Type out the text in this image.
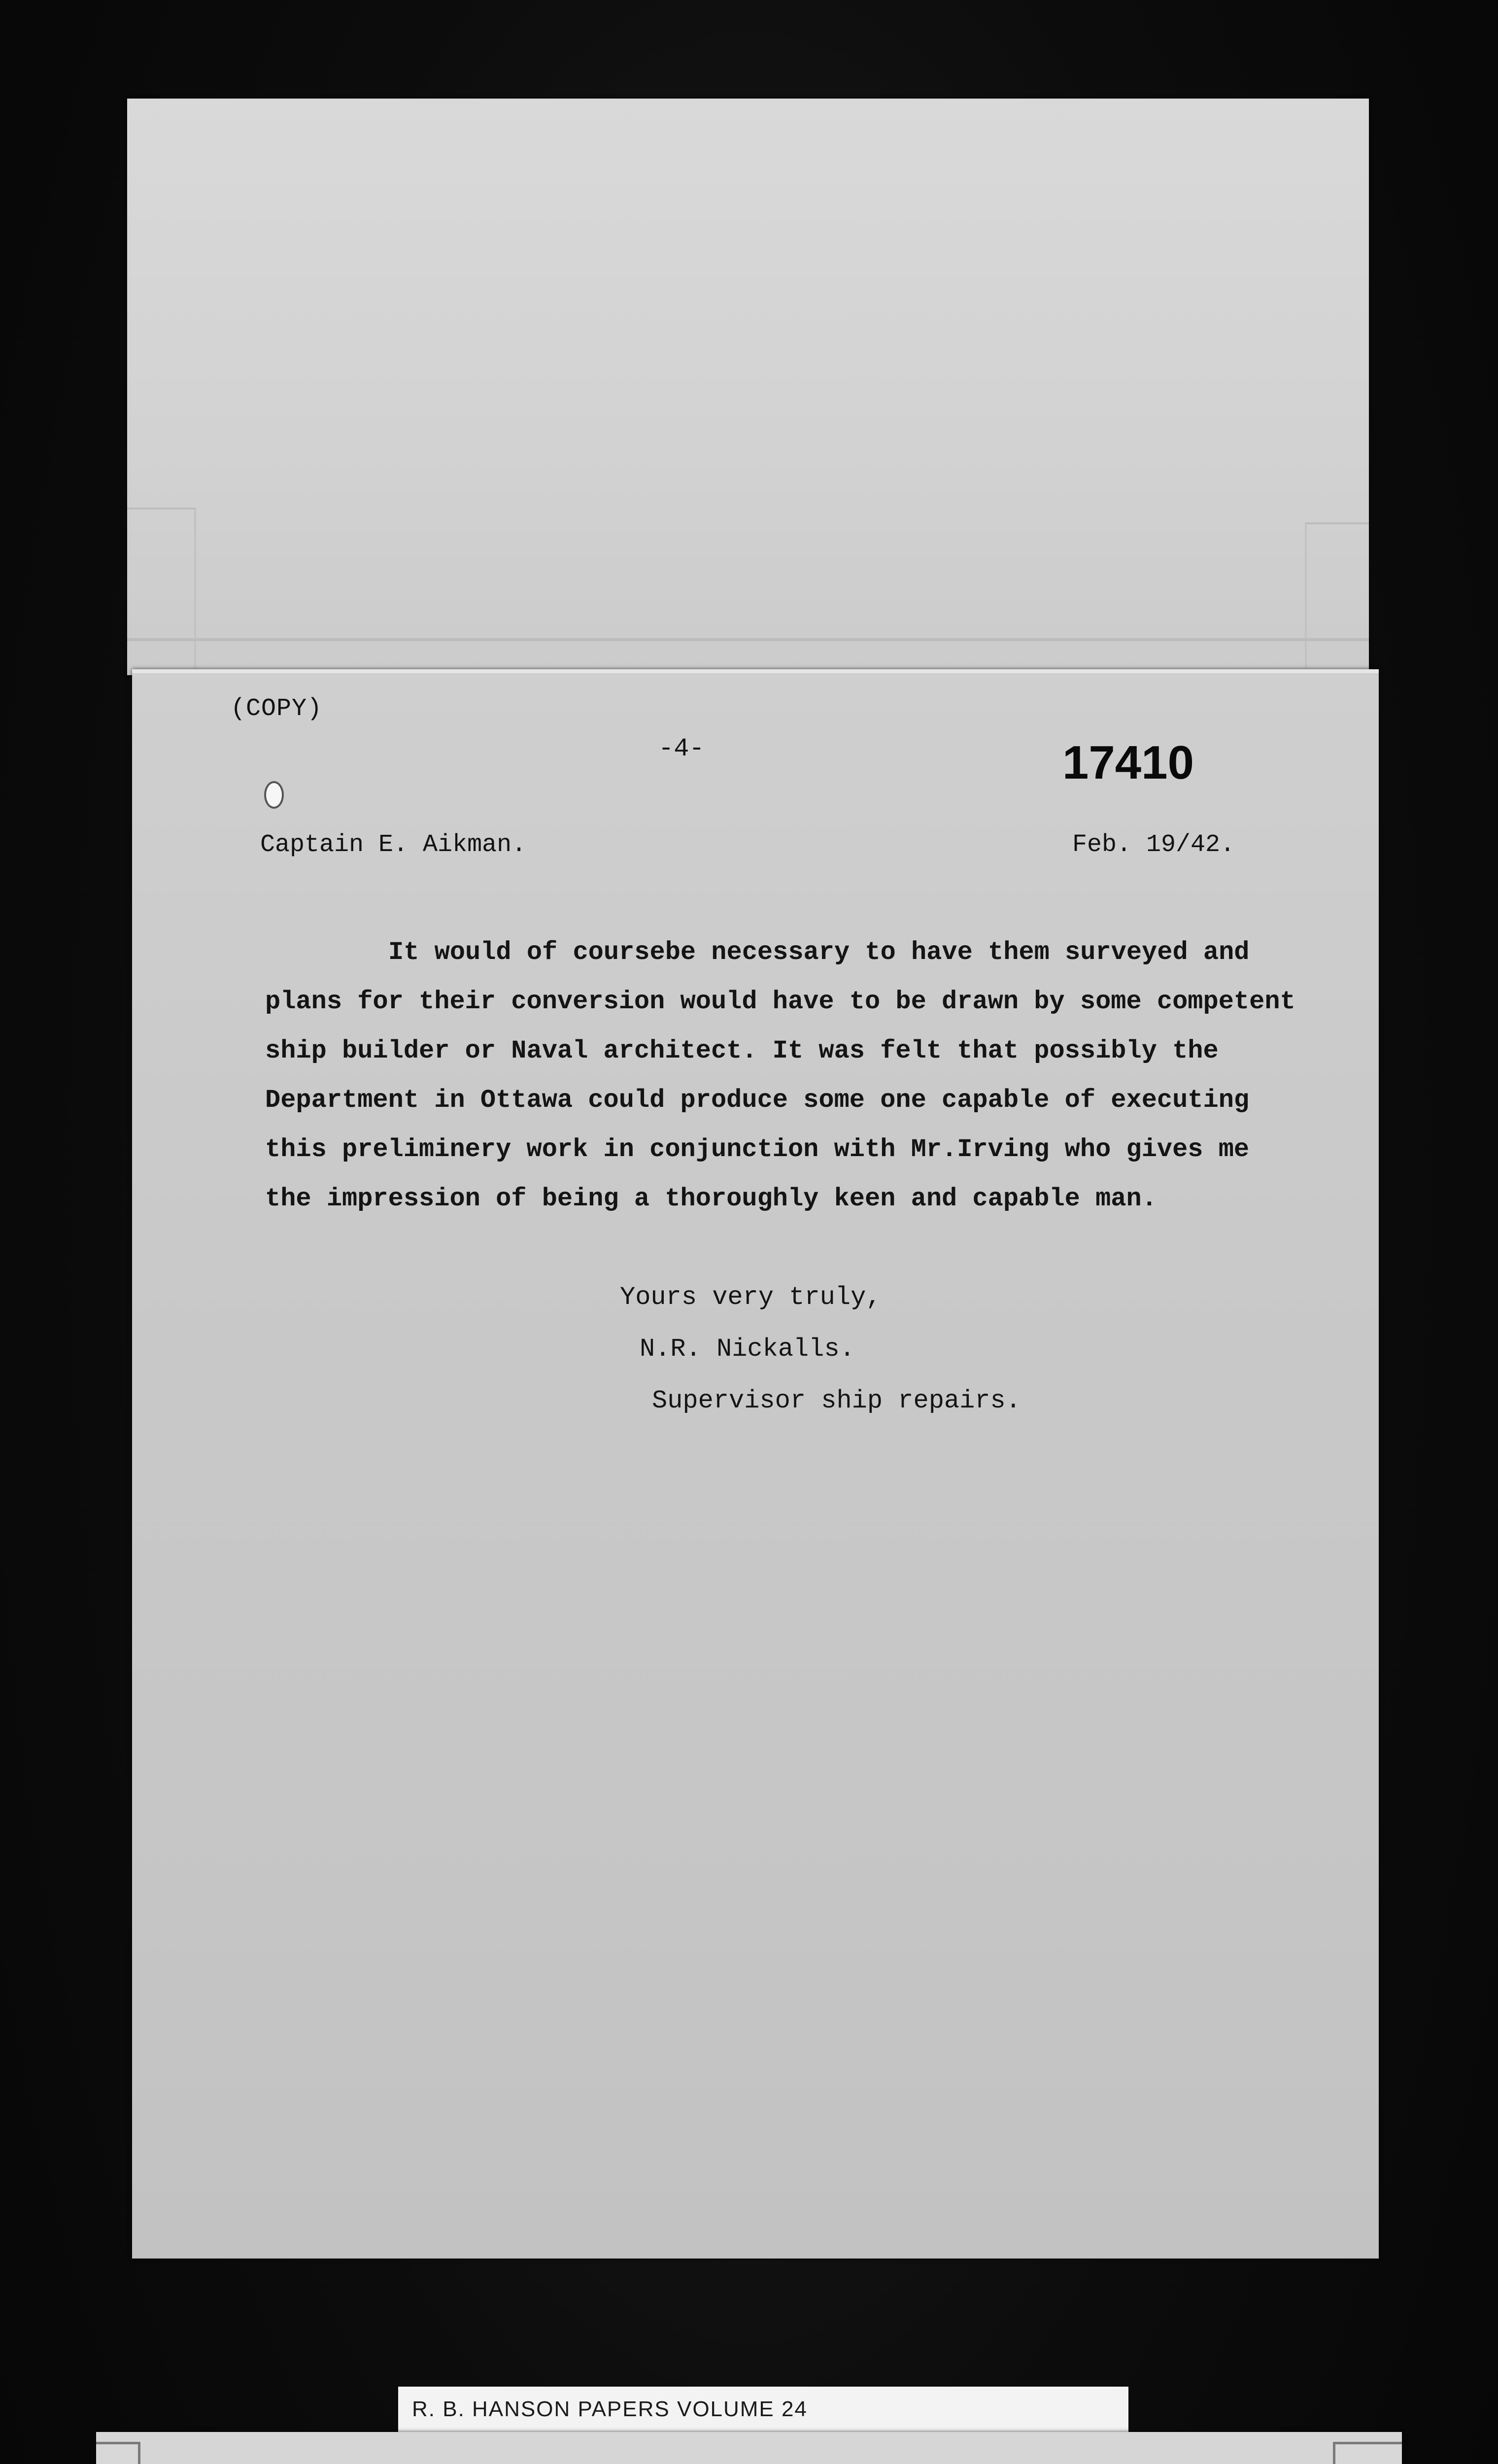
(COPY)
-4-	17410
Captain E. Aikman.	Feb. 19/42.
It would of coursebe necessary to have them surveyed and
plans for their conversion would have to be drawn by some competent
ship builder or Naval architect. It was felt that possibly the
Department in Ottawa could produce some one capable of executing
this preliminery work in conjunction with Mr.Irving who gives me
the impression of being a thoroughly keen and capable man.
Yours very truly,
N.R. Nickalls.
Supervisor ship repairs.
R. B. HANSON PAPERS VOLUME 24
